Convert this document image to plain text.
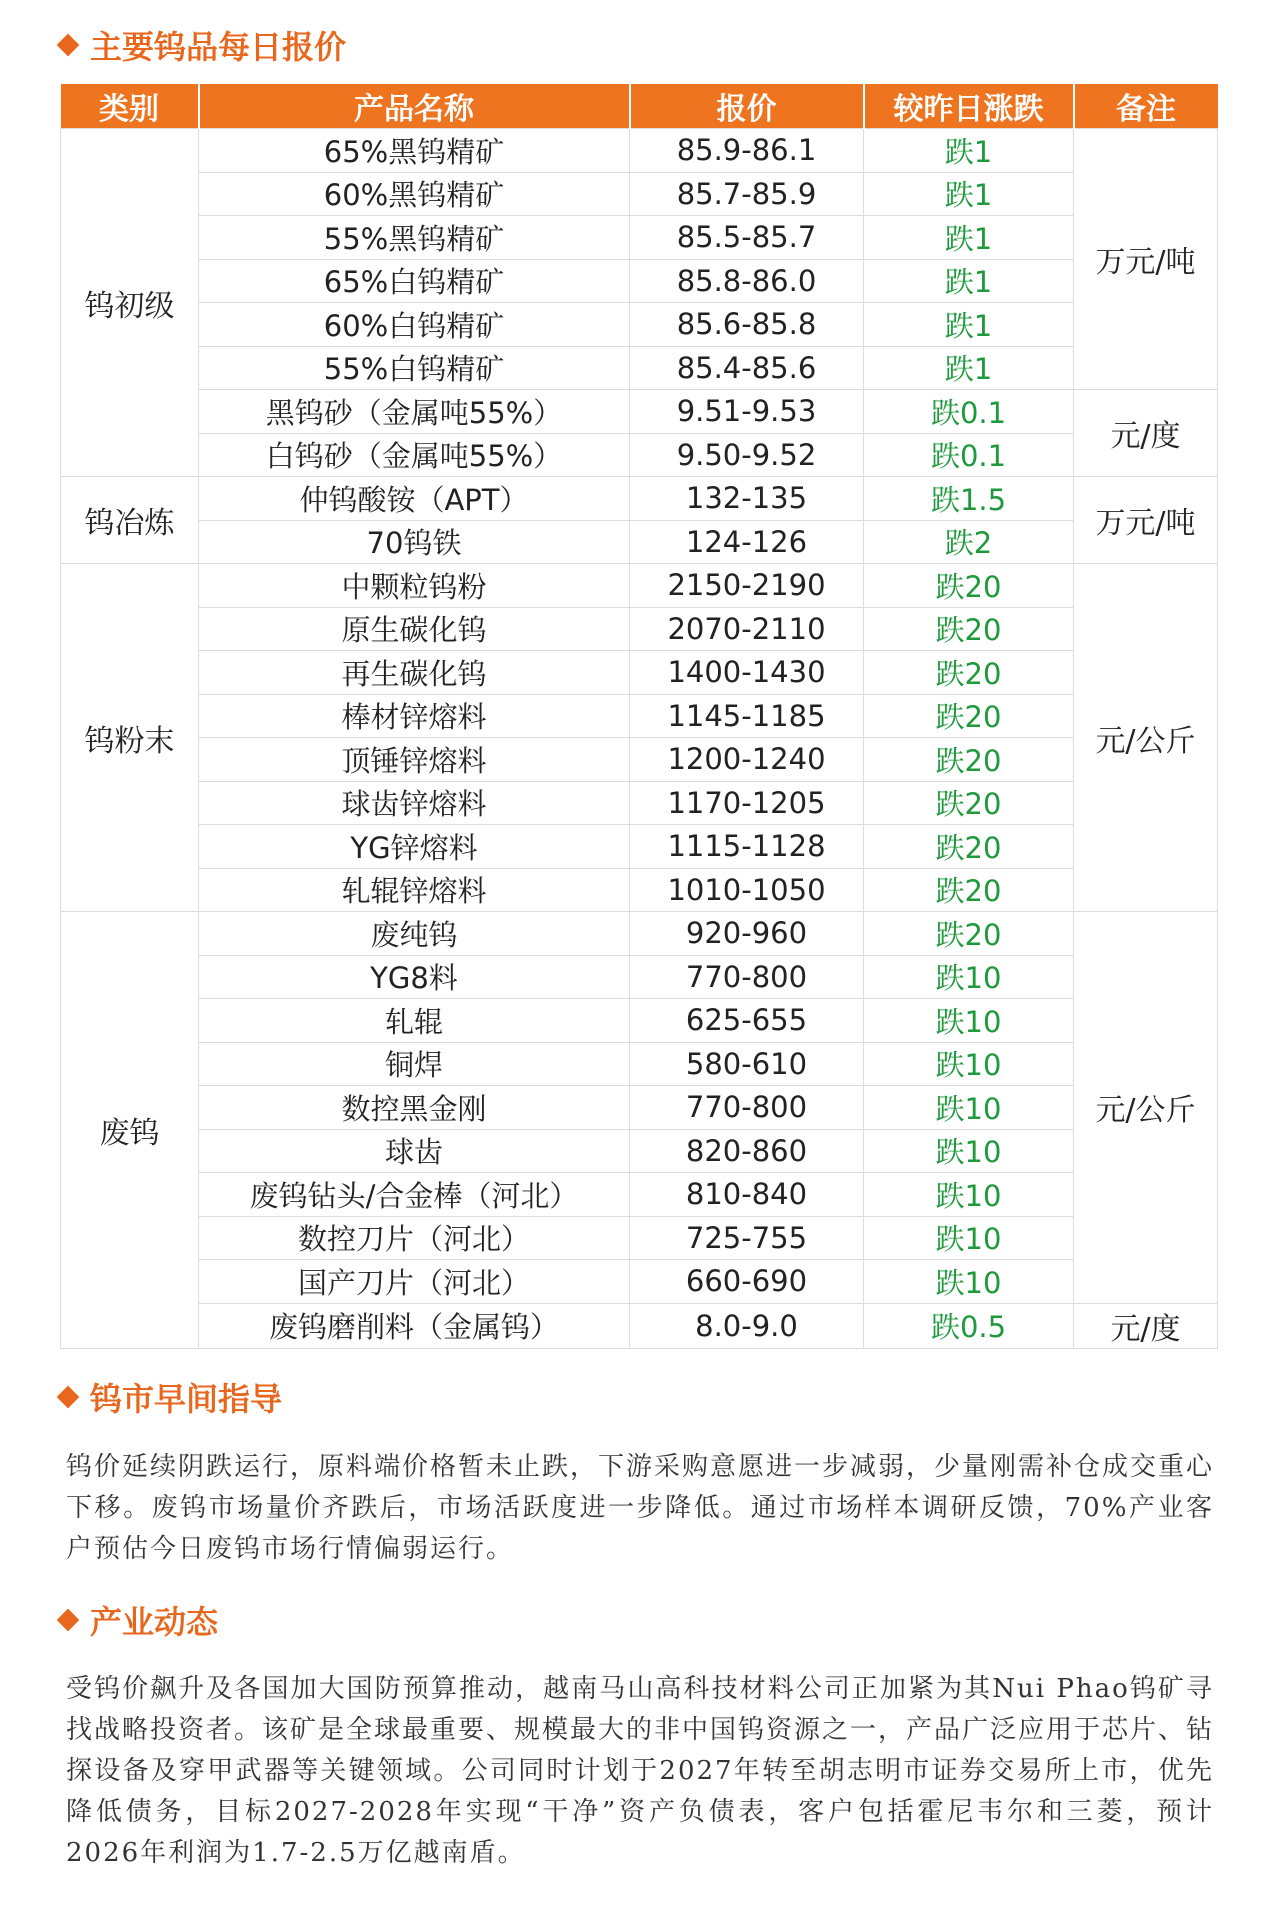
主要钨品每日报价
类别	产品名称	报价	较昨日涨跌	备注
钨初级	65%黑钨精矿	85.9-86.1	跌1	万元/吨
	60%黑钨精矿	85.7-85.9	跌1	
	55%黑钨精矿	85.5-85.7	跌1	
	65%白钨精矿	85.8-86.0	跌1	
	60%白钨精矿	85.6-85.8	跌1	
	55%白钨精矿	85.4-85.6	跌1	
	黑钨砂（金属吨55%）	9.51-9.53	跌0.1	元/度
	白钨砂（金属吨55%）	9.50-9.52	跌0.1	
钨冶炼	仲钨酸铵（APT）	132-135	跌1.5	万元/吨
	70钨铁	124-126	跌2	
钨粉末	中颗粒钨粉	2150-2190	跌20	元/公斤
	原生碳化钨	2070-2110	跌20	
	再生碳化钨	1400-1430	跌20	
	棒材锌熔料	1145-1185	跌20	
	顶锤锌熔料	1200-1240	跌20	
	球齿锌熔料	1170-1205	跌20	
	YG锌熔料	1115-1128	跌20	
	轧辊锌熔料	1010-1050	跌20	
废钨	废纯钨	920-960	跌20	元/公斤
	YG8料	770-800	跌10	
	轧辊	625-655	跌10	
	铜焊	580-610	跌10	
	数控黑金刚	770-800	跌10	
	球齿	820-860	跌10	
	废钨钻头/合金棒（河北）	810-840	跌10	
	数控刀片（河北）	725-755	跌10	
	国产刀片（河北）	660-690	跌10	
	废钨磨削料（金属钨）	8.0-9.0	跌0.5	元/度
钨市早间指导
钨价延续阴跌运行，原料端价格暂未止跌，下游采购意愿进一步减弱，少量刚需补仓成交重心下移。废钨市场量价齐跌后，市场活跃度进一步降低。通过市场样本调研反馈，70%产业客户预估今日废钨市场行情偏弱运行。
产业动态
受钨价飙升及各国加大国防预算推动，越南马山高科技材料公司正加紧为其Nui Phao钨矿寻找战略投资者。该矿是全球最重要、规模最大的非中国钨资源之一，产品广泛应用于芯片、钻探设备及穿甲武器等关键领域。公司同时计划于2027年转至胡志明市证券交易所上市，优先降低债务，目标2027-2028年实现“干净”资产负债表，客户包括霍尼韦尔和三菱，预计2026年利润为1.7-2.5万亿越南盾。
